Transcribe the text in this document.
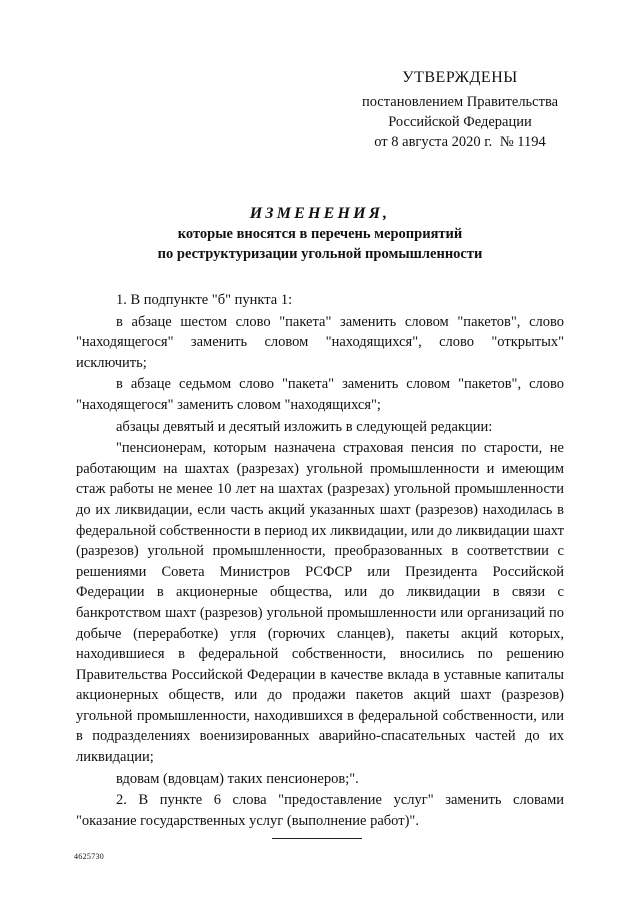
УТВЕРЖДЕНЫ
постановлением Правительства
Российской Федерации
от 8 августа 2020 г. № 1194
ИЗМЕНЕНИЯ,
которые вносятся в перечень мероприятий
по реструктуризации угольной промышленности

1. В подпункте "б" пункта 1:

в абзаце шестом слово "пакета" заменить словом "пакетов", слово "находящегося" заменить словом "находящихся", слово "открытых" исключить;

в абзаце седьмом слово "пакета" заменить словом "пакетов", слово "находящегося" заменить словом "находящихся";

абзацы девятый и десятый изложить в следующей редакции:

"пенсионерам, которым назначена страховая пенсия по старости, не работающим на шахтах (разрезах) угольной промышленности и имеющим стаж работы не менее 10 лет на шахтах (разрезах) угольной промышленности до их ликвидации, если часть акций указанных шахт (разрезов) находилась в федеральной собственности в период их ликвидации, или до ликвидации шахт (разрезов) угольной промышленности, преобразованных в соответствии с решениями Совета Министров РСФСР или Президента Российской Федерации в акционерные общества, или до ликвидации в связи с банкротством шахт (разрезов) угольной промышленности или организаций по добыче (переработке) угля (горючих сланцев), пакеты акций которых, находившиеся в федеральной собственности, вносились по решению Правительства Российской Федерации в качестве вклада в уставные капиталы акционерных обществ, или до продажи пакетов акций шахт (разрезов) угольной промышленности, находившихся в федеральной собственности, или в подразделениях военизированных аварийно-спасательных частей до их ликвидации;

вдовам (вдовцам) таких пенсионеров;".

2. В пункте 6 слова "предоставление услуг" заменить словами "оказание государственных услуг (выполнение работ)".

4625730
